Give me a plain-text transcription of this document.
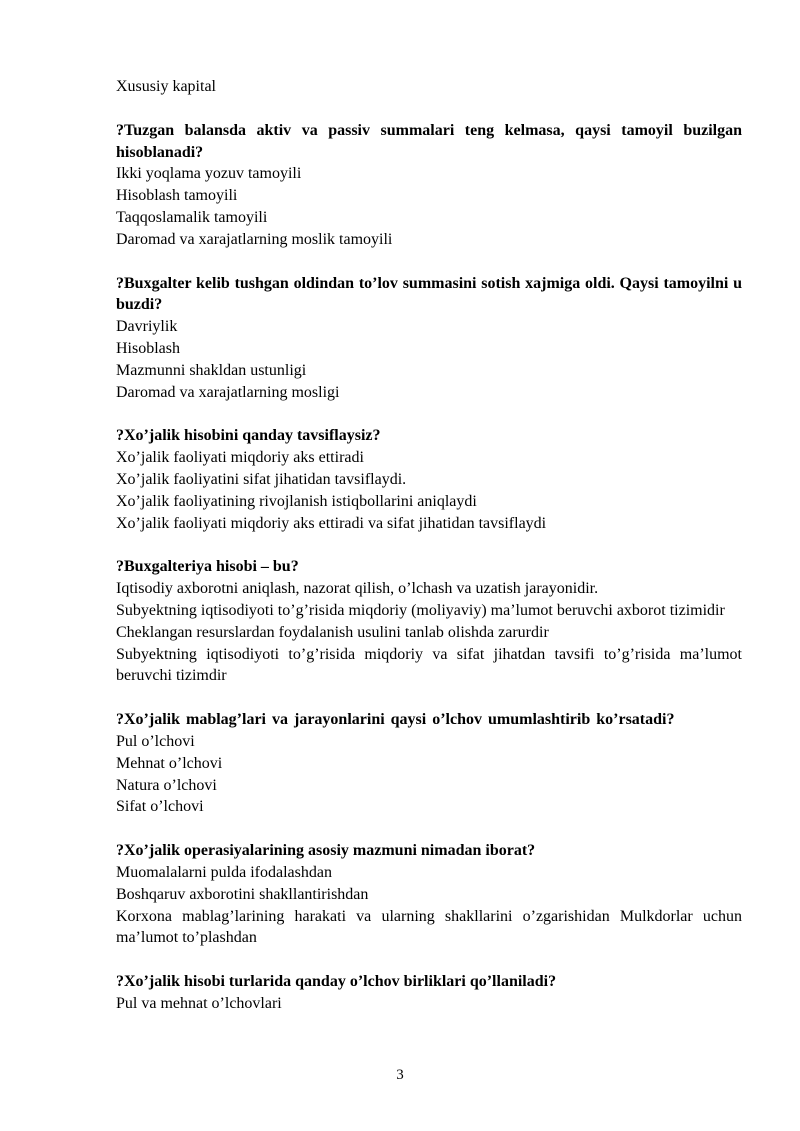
Xususiy kapital

?Tuzgan balansda aktiv va passiv summalari teng kelmasa, qaysi tamoyil buzilgan hisoblanadi?

Ikki yoqlama yozuv tamoyili

Hisoblash tamoyili

Taqqoslamalik tamoyili

Daromad va xarajatlarning moslik tamoyili

?Buxgalter kelib tushgan oldindan to’lov summasini sotish xajmiga oldi. Qaysi tamoyilni u buzdi?

Davriylik

Hisoblash

Mazmunni shakldan ustunligi

Daromad va xarajatlarning mosligi

?Xo’jalik hisobini qanday tavsiflaysiz?

Xo’jalik faoliyati miqdoriy aks ettiradi

Xo’jalik faoliyatini sifat jihatidan tavsiflaydi.

Xo’jalik faoliyatining rivojlanish istiqbollarini aniqlaydi

Xo’jalik faoliyati miqdoriy aks ettiradi va sifat jihatidan tavsiflaydi

?Buxgalteriya hisobi – bu?

Iqtisodiy axborotni aniqlash, nazorat qilish, o’lchash va uzatish jarayonidir.

Subyektning iqtisodiyoti to’g’risida miqdoriy (moliyaviy) ma’lumot beruvchi axborot tizimidir

Cheklangan resurslardan foydalanish usulini tanlab olishda zarurdir

Subyektning iqtisodiyoti to’g’risida miqdoriy va sifat jihatdan tavsifi to’g’risida ma’lumot beruvchi tizimdir

?Xo’jalik mablag’lari va jarayonlarini qaysi o’lchov umumlashtirib ko’rsatadi?

Pul o’lchovi

Mehnat o’lchovi

Natura o’lchovi

Sifat o’lchovi

?Xo’jalik operasiyalarining asosiy mazmuni nimadan iborat?

Muomalalarni pulda ifodalashdan

Boshqaruv axborotini shakllantirishdan

Korxona mablag’larining harakati va ularning shakllarini o’zgarishidan Mulkdorlar uchun ma’lumot to’plashdan

?Xo’jalik hisobi turlarida qanday o’lchov birliklari qo’llaniladi?

Pul va mehnat o’lchovlari

3
